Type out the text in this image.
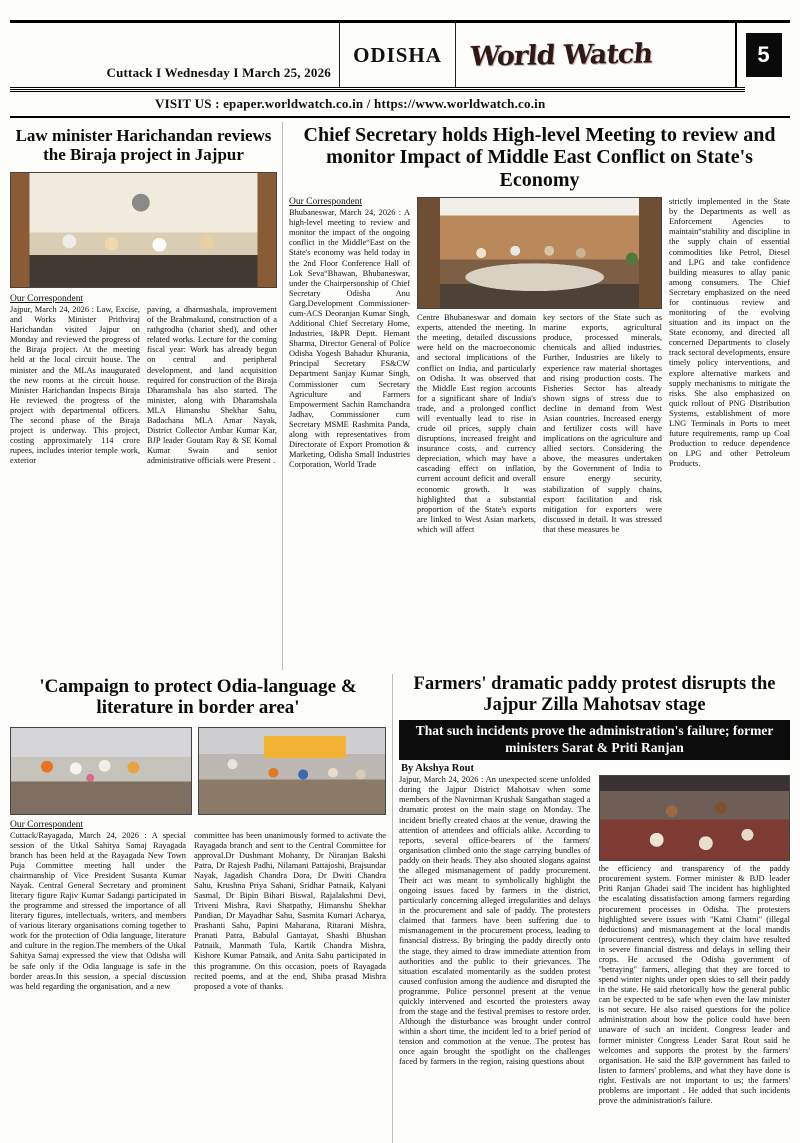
Cuttack I Wednesday I March 25, 2026
ODISHA World Watch	5
VISIT US : epaper.worldwatch.co.in / https://www.worldwatch.co.in
Law minister Harichandan reviews the Biraja project in Jajpur
Our Correspondent
Jajpur, March 24, 2026 : Law, Excise, and Works Minister Prithviraj Harichandan visited Jajpur on Monday and reviewed the progress of the Biraja project. At the meeting held at the local circuit house. The minister and the MLAs inaugurated the new rooms at the circuit house. Minister Harichandan Inspects Biraja He reviewed the progress of the project with departmental officers. The second phase of the Biraja project is underway. This project, costing approximately 114 crore rupees, includes interior temple work, exterior
paving, a dharmashala, improvement of the Brahmakund, construction of a rathgrodha (chariot shed), and other related works. Lecture for the coming fiscal year: Work has already begun on central and peripheral development, and land acquisition required for construction of the Biraja Dharamshala has also started. The minister, along with Dharamshala MLA Himanshu Shekhar Sahu, Badachana MLA Amar Nayak, District Collector Ambar Kumar Kar, BJP leader Goutam Ray & SE Komal Kumar Swain and senior administrative officials were Present .
Chief Secretary holds High-level Meeting to review and monitor Impact of Middle East Conflict on State's Economy
Our Correspondent
Bhubaneswar, March 24, 2026 : A high-level meeting to review and monitor the impact of the ongoing conflict in the Middle“East on the State's economy was held today in the 2nd Floor Conference Hall of Lok Seva“Bhawan, Bhubaneswar, under the Chairpersonship of Chief Secretary Odisha Anu Garg.Development Commissioner-cum-ACS Deoranjan Kumar Singh, Additional Chief Secretary Home, Industries, I&PR Deptt. Hemant Sharma, Director General of Police Odisha Yogesh Bahadur Khurania, Principal Secretary FS&CW Department Sanjay Kumar Singh, Commissioner cum Secretary Agriculture and Farmers Empowerment Sachin Ramchandra Jadhav, Commissioner cum Secretary MSME Rashmita Panda, along with representatives from Directorate of Export Promotion & Marketing, Odisha Small Industries Corporation, World Trade
Centre Bhubaneswar and domain experts, attended the meeting. In the meeting, detailed discussions were held on the macroeconomic and sectoral implications of the conflict on India, and particularly on Odisha. It was observed that the Middle East region accounts for a significant share of India's trade, and a prolonged conflict will eventually lead to rise in crude oil prices, supply chain disruptions, increased freight and insurance costs, and currency depreciation, which may have a cascading effect on inflation, current account deficit and overall economic growth. It was highlighted that a substantial proportion of the State's exports are linked to West Asian markets, which will affect
key sectors of the State such as marine exports, agricultural produce, processed minerals, chemicals and allied industries. Further, Industries are likely to experience raw material shortages and rising production costs. The Fisheries Sector has already shown signs of stress due to decline in demand from West Asian countries. Increased energy and fertilizer costs will have implications on the agriculture and allied sectors. Considering the above, the measures undertaken by the Government of India to ensure energy security, stabilization of supply chains, export facilitation and risk mitigation for exporters were discussed in detail. It was stressed that these measures be
strictly implemented in the State by the Departments as well as Enforcement Agencies to maintain“stability and discipline in the supply chain of essential commodities like Petrol, Diesel and LPG and take confidence building measures to allay panic among consumers. The Chief Secretary emphasized on the need for continuous review and monitoring of the evolving situation and its impact on the State economy, and directed all concerned Departments to closely track sectoral developments, ensure timely policy interventions, and explore alternative markets and supply mechanisms to mitigate the risks. She also emphasized on quick rollout of PNG Distribution Systems, establishment of more LNG Terminals in Ports to meet future requirements, ramp up Coal Production to reduce dependence on LPG and other Petroleum Products.
'Campaign to protect Odia-language & literature in border area'
Our Correspondent
Cuttack/Rayagada, March 24, 2026 : A special session of the Utkal Sahitya Samaj Rayagada branch has been held at the Rayagada New Town Puja Committee meeting hall under the chairmanship of Vice President Susanta Kumar Nayak. Central General Secretary and prominent literary figure Rajiv Kumar Sadangi participated in the programme and stressed the importance of all literary figures, intellectuals, writers, and members of various literary organisations coming together to work for the protection of Odia language, literature and culture in the region.The members of the Utkal Sahitya Samaj expressed the view that Odisha will be safe only if the Odia language is safe in the border areas.In this session, a special discussion was held regarding the organisation, and a new
committee has been unanimously formed to activate the Rayagada branch and sent to the Central Committee for approval.Dr Dushmant Mohanty, Dr Niranjan Bakshi Patra, Dr Rajesh Padhi, Nilamani Pattajoshi, Brajsundar Nayak, Jagadish Chandra Dora, Dr Dwiti Chandra Sahu, Krushna Priya Sahani, Sridhar Patnaik, Kalyani Sasmal, Dr Bipin Bihari Biswal, Rajalakshmi Devi, Triveni Mishra, Ravi Shatpathy, Himanshu Shekhar Pandian, Dr Mayadhar Sahu, Sasmita Kumari Acharya, Prashanti Sahu, Papini Maharana, Ritarani Mishra, Pranati Patra, Babulal Gantayat, Shashi Bhushan Patnaik, Manmath Tula, Kartik Chandra Mishra, Kishore Kumar Patnaik, and Anita Sahu participated in this programme. On this occasion, poets of Rayagada recited poems, and at the end, Shiba prasad Mishra proposed a vote of thanks.
Farmers' dramatic paddy protest disrupts the Jajpur Zilla Mahotsav stage
That such incidents prove the administration's failure; former ministers Sarat & Priti Ranjan
By Akshya Rout
Jajpur, March 24, 2026 : An unexpected scene unfolded during the Jajpur District Mahotsav when some members of the Navnirman Krushak Sangathan staged a dramatic protest on the main stage on Monday. The incident briefly created chaos at the venue, drawing the attention of attendees and officials alike. According to reports, several office-bearers of the farmers' organisation climbed onto the stage carrying bundles of paddy on their heads. They also shouted slogans against the alleged mismanagement of paddy procurement. Their act was meant to symbolically highlight the ongoing issues faced by farmers in the district, particularly concerning alleged irregularities and delays in the procurement and sale of paddy. The protesters claimed that farmers have been suffering due to mismanagement in the procurement process, leading to financial distress. By bringing the paddy directly onto the stage, they aimed to draw immediate attention from authorities and the public to their grievances. The situation escalated momentarily as the sudden protest caused confusion among the audience and disrupted the programme. Police personnel present at the venue quickly intervened and escorted the protesters away from the stage and the festival premises to restore order. Although the disturbance was brought under control within a short time, the incident led to a brief period of tension and commotion at the venue. The protest has once again brought the spotlight on the challenges faced by farmers in the region, raising questions about
the efficiency and transparency of the paddy procurement system. Former minister & BJD leader Priti Ranjan Ghadei said The incident has highlighted the escalating dissatisfaction among farmers regarding procurement processes in Odisha. The protesters highlighted severe issues with "Katni Chatni" (illegal deductions) and mismanagement at the local mandis (procurement centres), which they claim have resulted in severe financial distress and delays in selling their crops. He accused the Odisha government of "betraying" farmers, alleging that they are forced to spend winter nights under open skies to sell their paddy in the state. He said rhetorically how the general public can be expected to be safe when even the law minister is not secure. He also raised questions for the police administration about how the police could have been unaware of such an incident. Congress leader and former minister Congress Leader Sarat Rout said he welcomes and supports the protest by the farmers' organisation. He said the BJP government has failed to listen to farmers' problems, and what they have done is right. Festivals are not important to us; the farmers' problems are important . He added that such incidents prove the administration's failure.
